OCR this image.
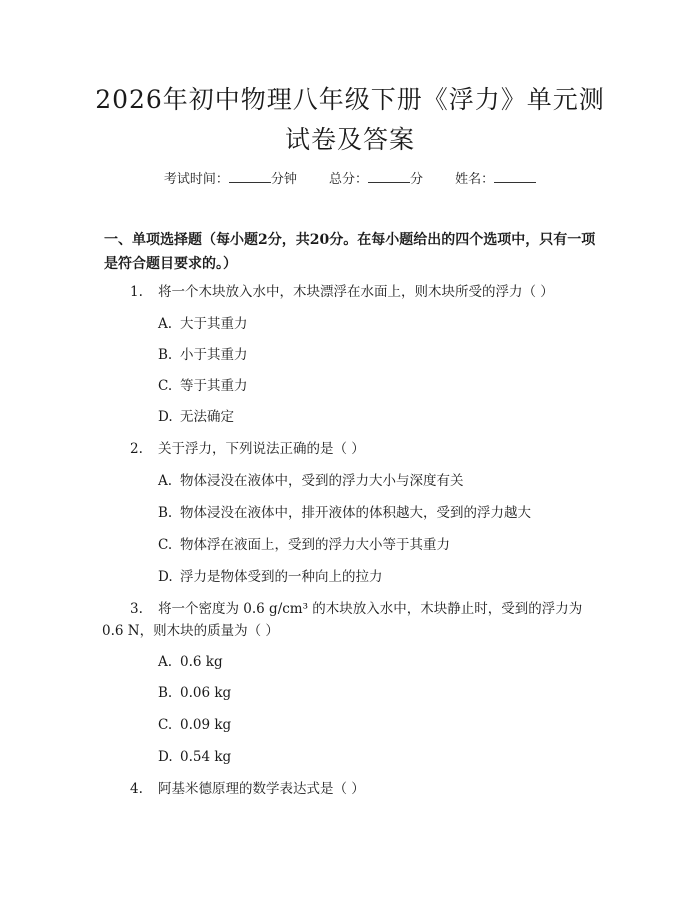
2026年初中物理八年级下册《浮力》单元测
试卷及答案
考试时间：	分钟 总分：	分 姓名：
一、单项选择题（每小题2分，共20分。在每小题给出的四个选项中，只有一项
是符合题目要求的。）
1. 将一个木块放入水中，木块漂浮在水面上，则木块所受的浮力（ ）
A. 大于其重力
B. 小于其重力
C. 等于其重力
D. 无法确定
2. 关于浮力，下列说法正确的是（ ）
A. 物体浸没在液体中，受到的浮力大小与深度有关
B. 物体浸没在液体中，排开液体的体积越大，受到的浮力越大
C. 物体浮在液面上，受到的浮力大小等于其重力
D. 浮力是物体受到的一种向上的拉力
3. 将一个密度为 0.6 g/cm³ 的木块放入水中，木块静止时，受到的浮力为
0.6 N，则木块的质量为（ ）
A. 0.6 kg
B. 0.06 kg
C. 0.09 kg
D. 0.54 kg
4. 阿基米德原理的数学表达式是（ ）
